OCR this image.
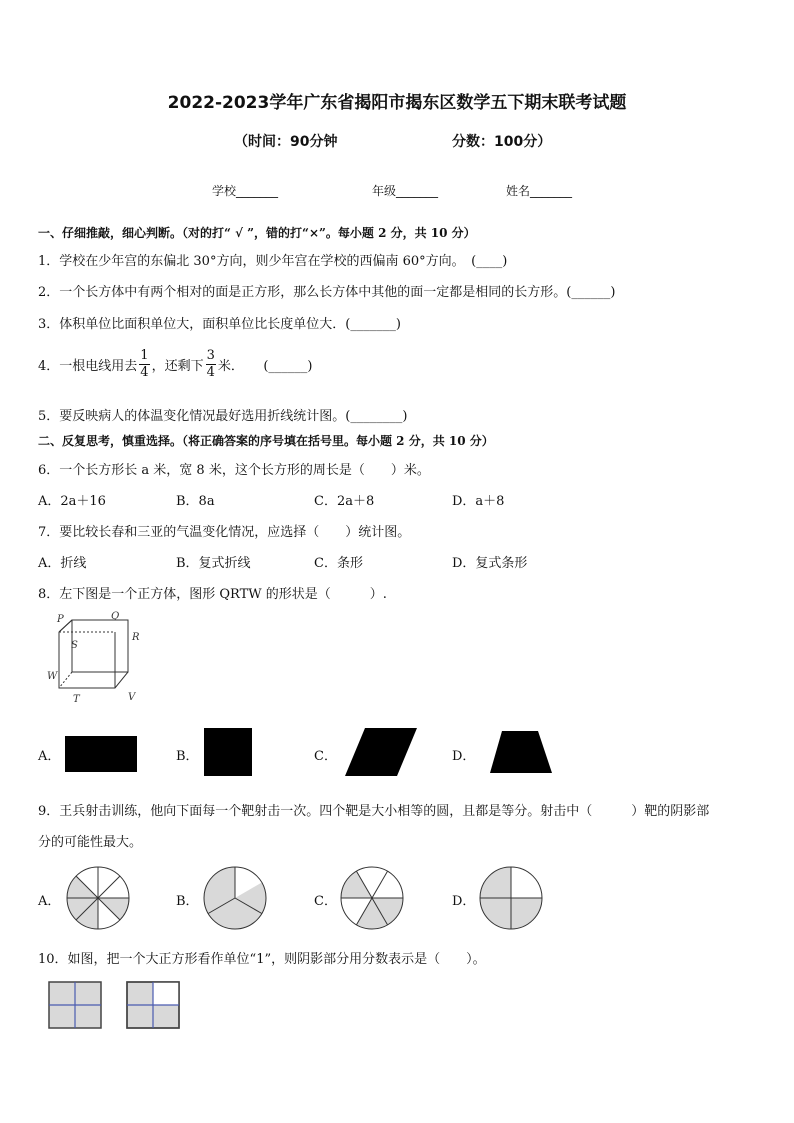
2022-2023学年广东省揭阳市揭东区数学五下期末联考试题
（时间：90分钟	分数：100分）
学校_______	年级_______	姓名_______
一、仔细推敲，细心判断。（对的打“ √ ”，错的打“×”。每小题 2 分，共 10 分）
1．学校在少年宫的东偏北 30°方向，则少年宫在学校的西偏南 60°方向。　(____)
2．一个长方体中有两个相对的面是正方形，那么长方体中其他的面一定都是相同的长方形。(______)
3．体积单位比面积单位大，面积单位比长度单位大．(_______)
4．一根电线用去 $\frac{1}{4}$ ，还剩下 $\frac{3}{4}$ 米．　　(______)
5．要反映病人的体温变化情况最好选用折线统计图。(________)
二、反复思考，慎重选择。（将正确答案的序号填在括号里。每小题 2 分，共 10 分）
6．一个长方形长 a 米，宽 8 米，这个长方形的周长是（　　）米。
A．2a＋16	B．8a	C．2a＋8	D．a＋8
7．要比较长春和三亚的气温变化情况，应选择（　　）统计图。
A．折线	B．复式折线	C．条形	D．复式条形
8．左下图是一个正方体，图形 QRTW 的形状是（　　　）.
P	Q
R
S
W
T	V
A．	B．	C．	D．
9．王兵射击训练，他向下面每一个靶射击一次。四个靶是大小相等的圆，且都是等分。射击中（　　　）靶的阴影部
分的可能性最大。
A．	B．	C．	D．
10．如图，把一个大正方形看作单位“1”，则阴影部分用分数表示是（　　）。
